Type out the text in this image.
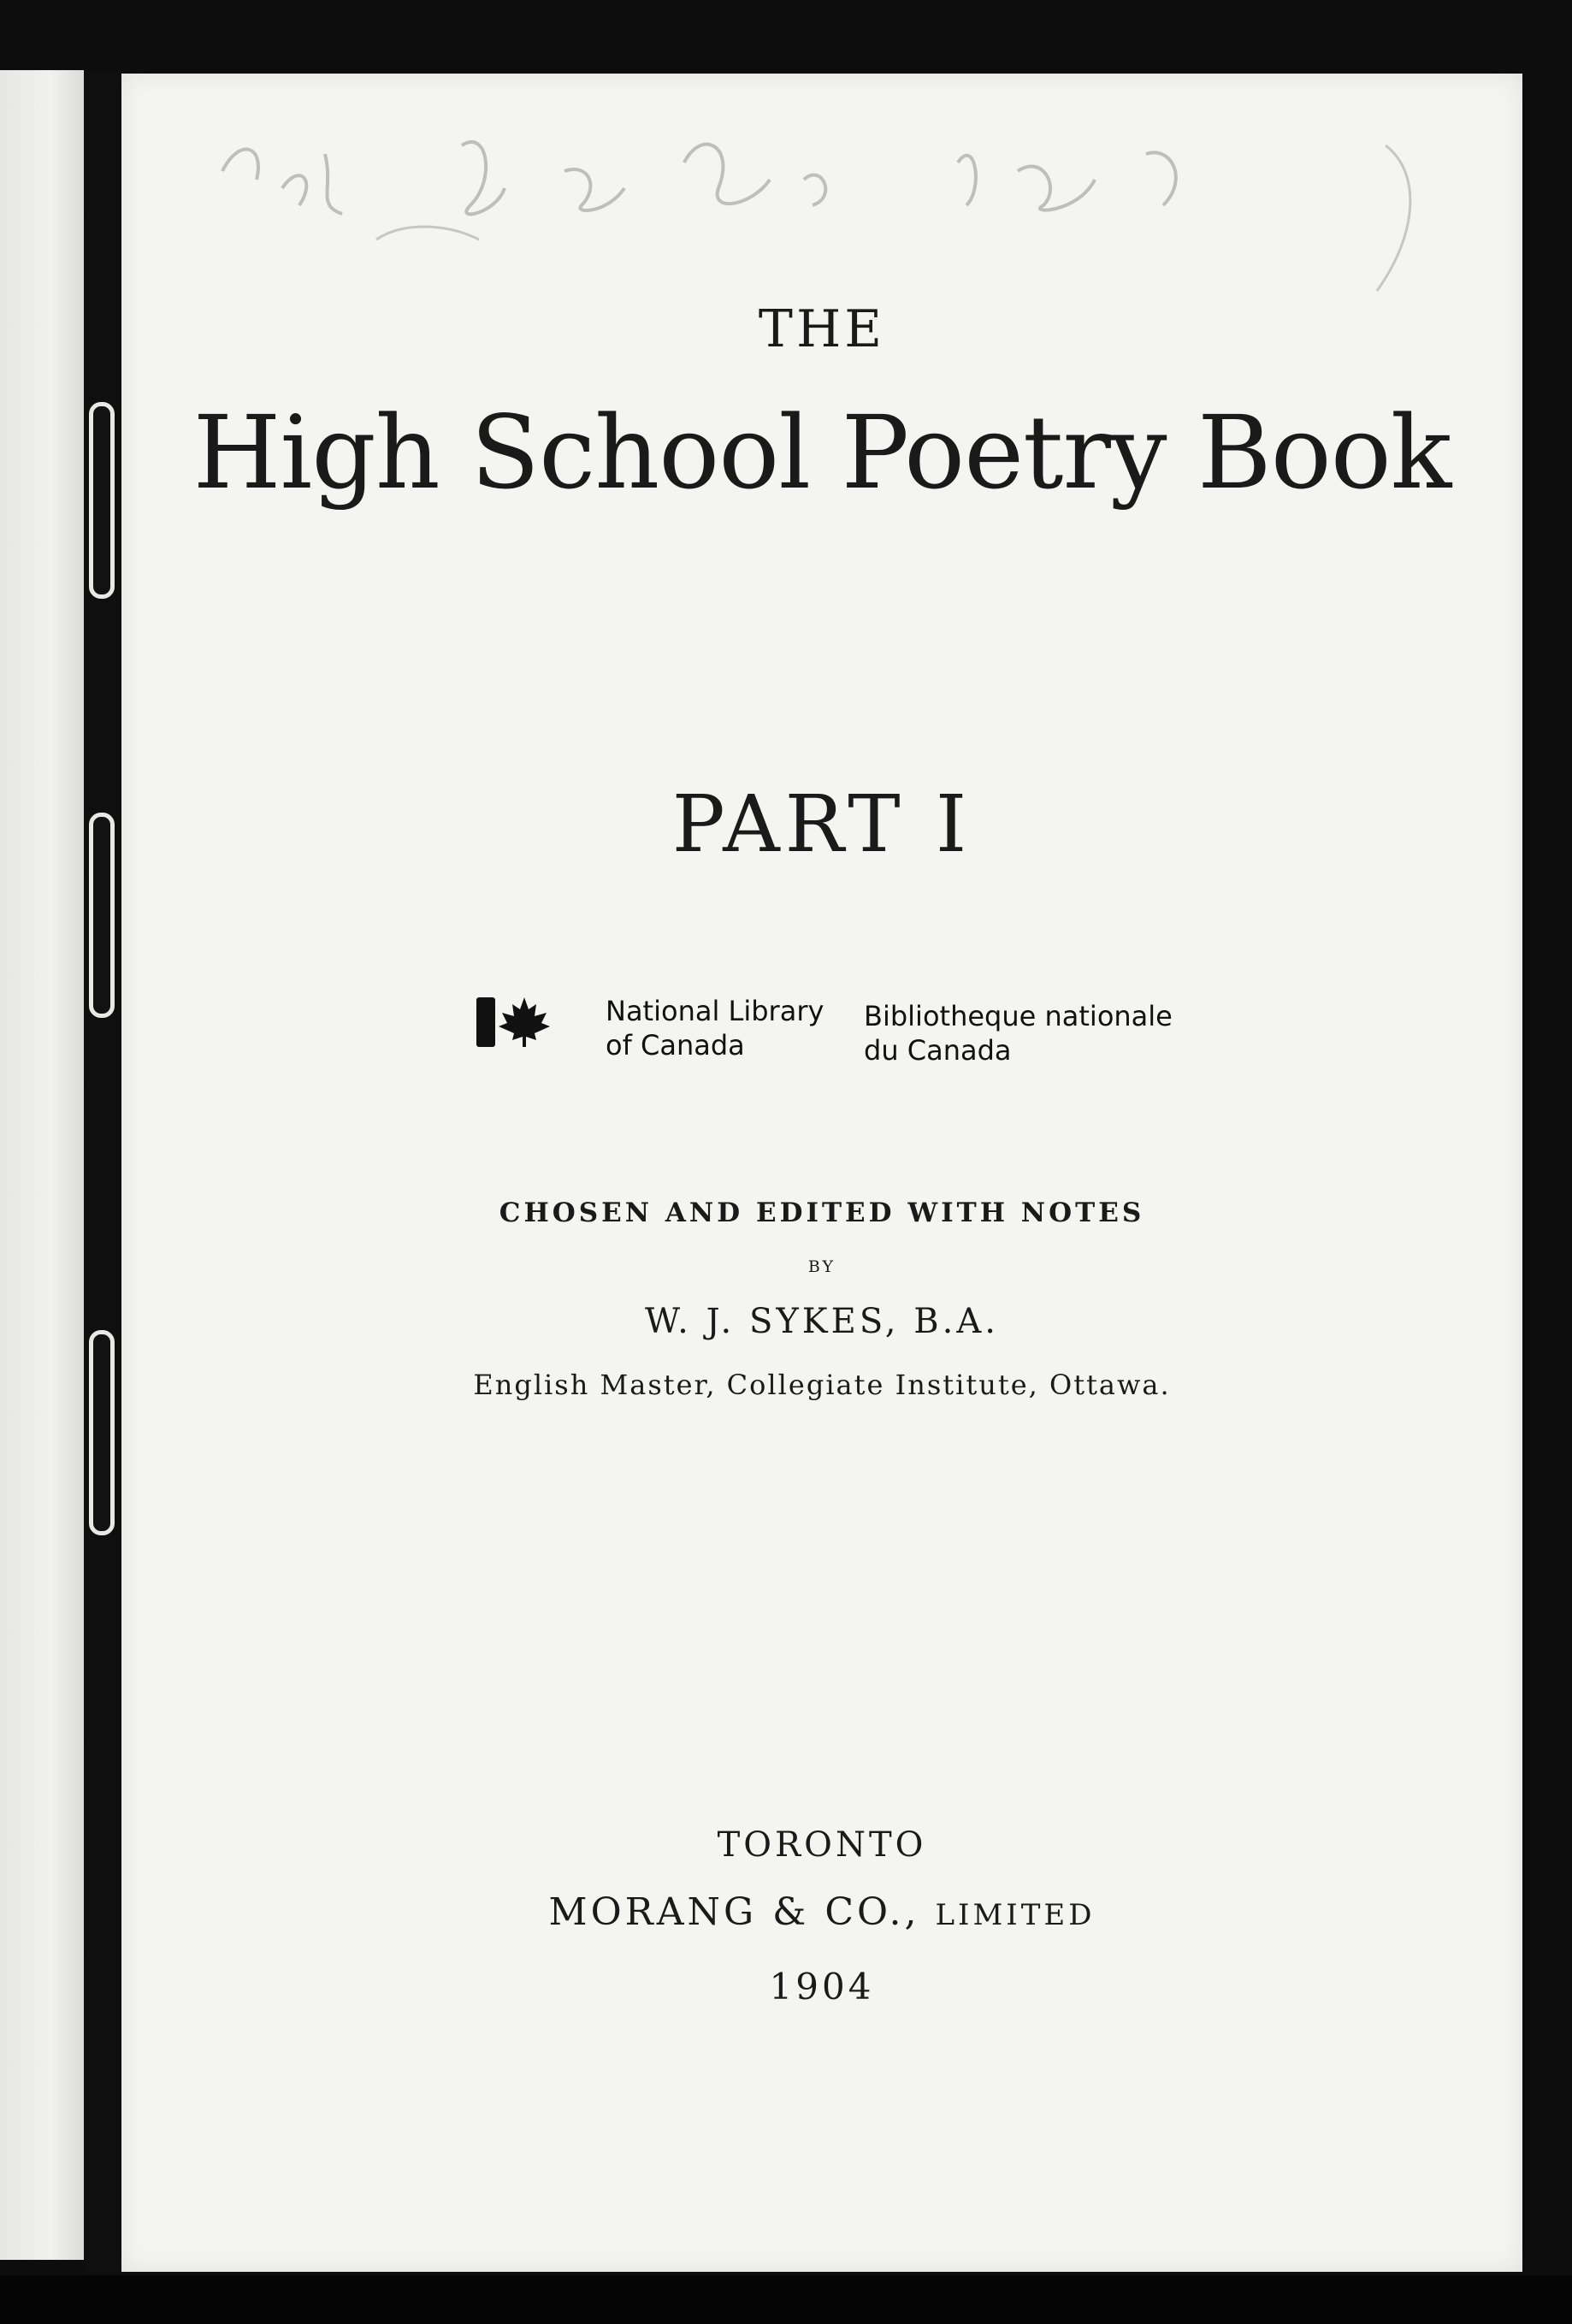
THE
High School Poetry Book
PART I
National Library
of Canada
Bibliotheque nationale
du Canada
CHOSEN AND EDITED WITH NOTES
BY
W. J. SYKES, B.A.
English Master, Collegiate Institute, Ottawa.
TORONTO
MORANG & CO., LIMITED
1904
